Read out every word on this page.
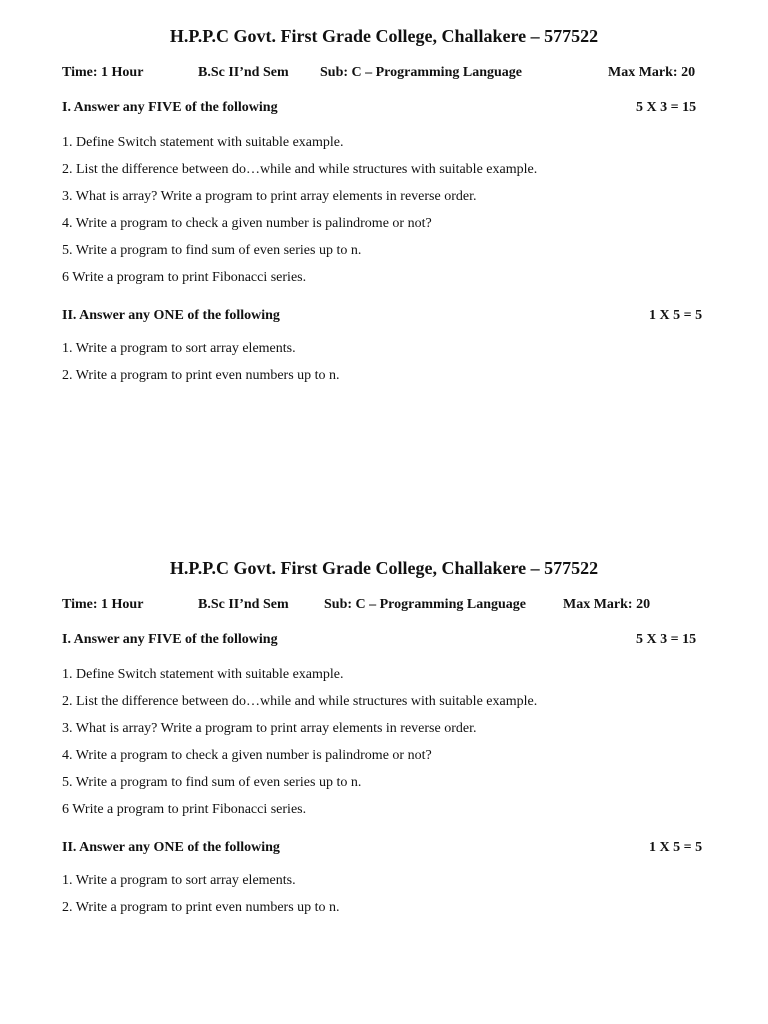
H.P.P.C Govt. First Grade College, Challakere – 577522
Time: 1 Hour	B.Sc II’nd Sem Sub: C – Programming Language	Max Mark: 20
I. Answer any FIVE of the following	5 X 3 = 15
1. Define Switch statement with suitable example.
2. List the difference between do…while and while structures with suitable example.
3. What is array? Write a program to print array elements in reverse order.
4. Write a program to check a given number is palindrome or not?
5. Write a program to find sum of even series up to n.
6 Write a program to print Fibonacci series.
II. Answer any ONE of the following	1 X 5 = 5
1. Write a program to sort array elements.
2. Write a program to print even numbers up to n.
H.P.P.C Govt. First Grade College, Challakere – 577522
Time: 1 Hour	B.Sc II’nd Sem	Sub: C – Programming Language	Max Mark: 20
I. Answer any FIVE of the following	5 X 3 = 15
1. Define Switch statement with suitable example.
2. List the difference between do…while and while structures with suitable example.
3. What is array? Write a program to print array elements in reverse order.
4. Write a program to check a given number is palindrome or not?
5. Write a program to find sum of even series up to n.
6 Write a program to print Fibonacci series.
II. Answer any ONE of the following	1 X 5 = 5
1. Write a program to sort array elements.
2. Write a program to print even numbers up to n.
